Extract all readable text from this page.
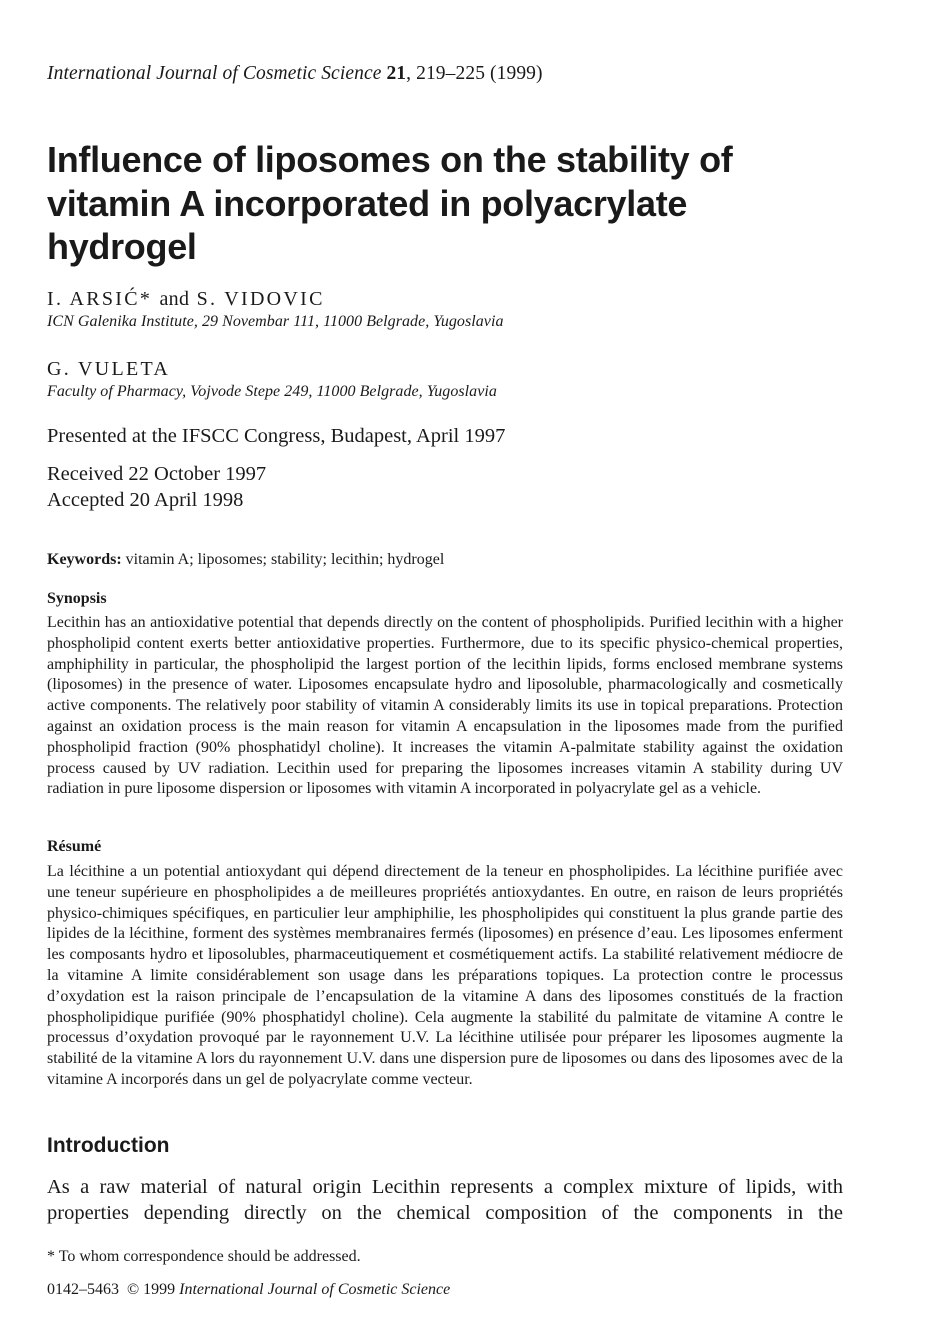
International Journal of Cosmetic Science 21, 219–225 (1999)
Influence of liposomes on the stability of vitamin A incorporated in polyacrylate hydrogel
I. ARSIĆ* and S. VIDOVIC
ICN Galenika Institute, 29 Novembar 111, 11000 Belgrade, Yugoslavia
G. VULETA
Faculty of Pharmacy, Vojvode Stepe 249, 11000 Belgrade, Yugoslavia
Presented at the IFSCC Congress, Budapest, April 1997
Received 22 October 1997
Accepted 20 April 1998
Keywords: vitamin A; liposomes; stability; lecithin; hydrogel
Synopsis

Lecithin has an antioxidative potential that depends directly on the content of phospholipids. Purified lecithin with a higher phospholipid content exerts better antioxidative properties. Furthermore, due to its specific physico-chemical properties, amphiphility in particular, the phospholipid the largest portion of the lecithin lipids, forms enclosed membrane systems (liposomes) in the presence of water. Liposomes encapsulate hydro and liposoluble, pharmacologically and cosmetically active components. The relatively poor stability of vitamin A considerably limits its use in topical preparations. Protection against an oxidation process is the main reason for vitamin A encapsulation in the liposomes made from the purified phospholipid fraction (90% phosphatidyl choline). It increases the vitamin A-palmitate stability against the oxidation process caused by UV radiation. Lecithin used for preparing the liposomes increases vitamin A stability during UV radiation in pure liposome dispersion or liposomes with vitamin A incorporated in polyacrylate gel as a vehicle.

Résumé

La lécithine a un potential antioxydant qui dépend directement de la teneur en phospholipides. La lécithine purifiée avec une teneur supérieure en phospholipides a de meilleures propriétés antioxydantes. En outre, en raison de leurs propriétés physico-chimiques spécifiques, en particulier leur amphiphilie, les phospholipides qui constituent la plus grande partie des lipides de la lécithine, forment des systèmes membranaires fermés (liposomes) en présence d’eau. Les liposomes enferment les composants hydro et liposolubles, pharmaceutiquement et cosmétiquement actifs. La stabilité relativement médiocre de la vitamine A limite considérablement son usage dans les préparations topiques. La protection contre le processus d’oxydation est la raison principale de l’encapsulation de la vitamine A dans des liposomes constitués de la fraction phospholipidique purifiée (90% phosphatidyl choline). Cela augmente la stabilité du palmitate de vitamine A contre le processus d’oxydation provoqué par le rayonnement U.V. La lécithine utilisée pour préparer les liposomes augmente la stabilité de la vitamine A lors du rayonnement U.V. dans une dispersion pure de liposomes ou dans des liposomes avec de la vitamine A incorporés dans un gel de polyacrylate comme vecteur.

Introduction

As a raw material of natural origin Lecithin represents a complex mixture of lipids, with properties depending directly on the chemical composition of the components in the

* To whom correspondence should be addressed.
0142–5463 © 1999 International Journal of Cosmetic Science
